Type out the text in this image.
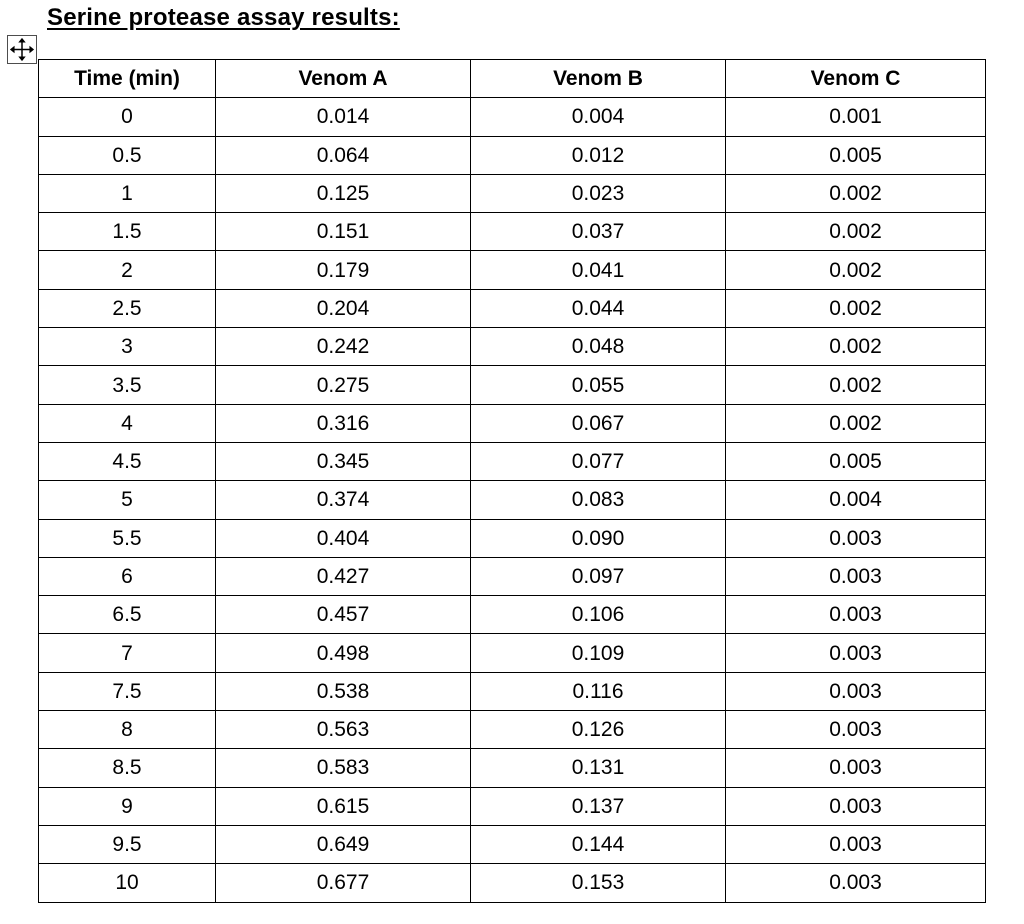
Serine protease assay results:
Time (min)	Venom A	Venom B	Venom C
0	0.014	0.004	0.001
0.5	0.064	0.012	0.005
1	0.125	0.023	0.002
1.5	0.151	0.037	0.002
2	0.179	0.041	0.002
2.5	0.204	0.044	0.002
3	0.242	0.048	0.002
3.5	0.275	0.055	0.002
4	0.316	0.067	0.002
4.5	0.345	0.077	0.005
5	0.374	0.083	0.004
5.5	0.404	0.090	0.003
6	0.427	0.097	0.003
6.5	0.457	0.106	0.003
7	0.498	0.109	0.003
7.5	0.538	0.116	0.003
8	0.563	0.126	0.003
8.5	0.583	0.131	0.003
9	0.615	0.137	0.003
9.5	0.649	0.144	0.003
10	0.677	0.153	0.003
